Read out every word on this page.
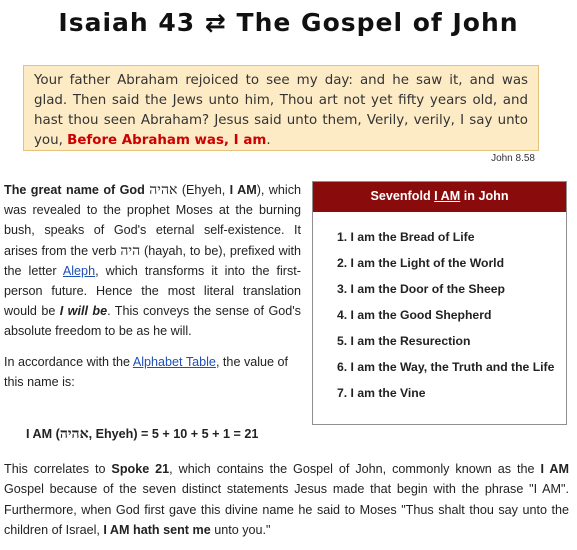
Isaiah 43 ⇄ The Gospel of John
Your father Abraham rejoiced to see my day: and he saw it, and was glad. Then said the Jews unto him, Thou art not yet fifty years old, and hast thou seen Abraham? Jesus said unto them, Verily, verily, I say unto you, Before Abraham was, I am.
John 8.58

The great name of God אהיה (Ehyeh, I AM), which was revealed to the prophet Moses at the burning bush, speaks of God's eternal self-existence. It arises from the verb היה (hayah, to be), prefixed with the letter Aleph, which transforms it into the first-person future. Hence the most literal translation would be I will be. This conveys the sense of God's absolute freedom to be as he will.

In accordance with the Alphabet Table, the value of this name is:

I AM (אהיה, Ehyeh) = 5 + 10 + 5 + 1 = 21
This correlates to Spoke 21, which contains the Gospel of John, commonly known as the I AM Gospel because of the seven distinct statements Jesus made that begin with the phrase "I AM". Furthermore, when God first gave this divine name he said to Moses "Thus shalt thou say unto the children of Israel, I AM hath sent me unto you."
Sevenfold I AM in John
1. I am the Bread of Life
2. I am the Light of the World
3. I am the Door of the Sheep
4. I am the Good Shepherd
5. I am the Resurection
6. I am the Way, the Truth and the Life
7. I am the Vine
